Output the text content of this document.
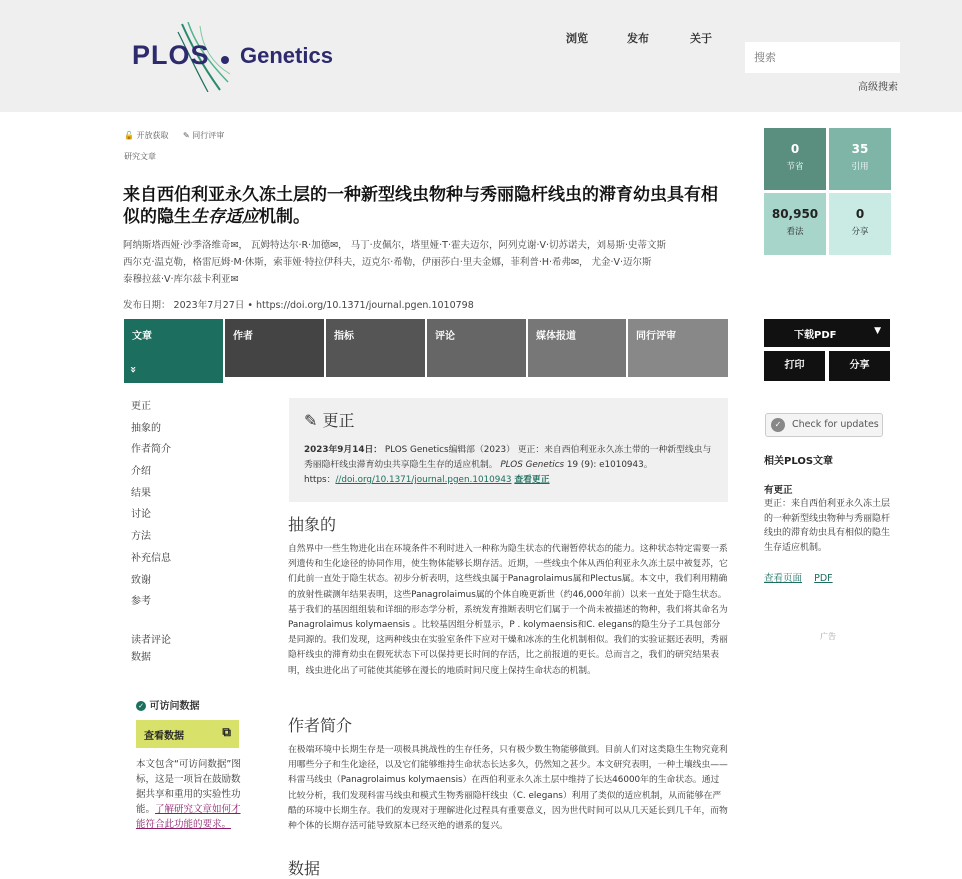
PLOS Genetics
浏览	发布	关于
搜索
高级搜索
🔓 开放获取 ✎ 同行评审
研究文章
来自西伯利亚永久冻土层的一种新型线虫物种与秀丽隐杆线虫的滞育幼虫具有相似的隐生生存适应机制。
阿纳斯塔西娅·沙季洛维奇✉， 瓦姆特达尔·R·加德✉， 马丁·皮佩尔，塔里娅·T·霍夫迈尔，阿列克谢·V·切苏诺夫，刘易斯·史蒂文斯
西尔克·温克勒，格雷厄姆·M·休斯，索菲娅·特拉伊科夫，迈克尔·希勒，伊丽莎白·里夫金娜，菲利普·H·希弗✉， 尤金·V·迈尔斯
泰穆拉兹·V·库尔兹卡利亚✉
发布日期： 2023年7月27日 • https://doi.org/10.1371/journal.pgen.1010798
文章
»
作者	指标	评论	媒体报道	同行评审
更正
抽象的
作者简介
介绍
结果
讨论
方法
补充信息
致谢
参考
读者评论
数据
✓ 可访问数据
查看数据	⧉
本文包含“可访问数据”图标，这是一项旨在鼓励数据共享和重用的实验性功能。了解研究文章如何才能符合此功能的要求。
✎ 更正
2023年9月14日： PLOS Genetics编辑部（2023） 更正：来自西伯利亚永久冻土带的一种新型线虫与秀丽隐杆线虫滞育幼虫共享隐生生存的适应机制。 PLOS Genetics 19 (9): e1010943。https：//doi.org/10.1371/journal.pgen.1010943 查看更正
抽象的
自然界中一些生物进化出在环境条件不利时进入一种称为隐生状态的代谢暂停状态的能力。这种状态特定需要一系列遗传和生化途径的协同作用，使生物体能够长期存活。近期，一些线虫个体从西伯利亚永久冻土层中被复苏，它们此前一直处于隐生状态。初步分析表明，这些线虫属于Panagrolaimus属和Plectus属。本文中，我们利用精确的放射性碳测年结果表明，这些Panagrolaimus属的个体自晚更新世（约46,000年前）以来一直处于隐生状态。基于我们的基因组组装和详细的形态学分析，系统发育推断表明它们属于一个尚未被描述的物种，我们将其命名为Panagrolaimus kolymaensis 。比较基因组分析显示，P . kolymaensis和C. elegans的隐生分子工具包部分是同源的。我们发现，这两种线虫在实验室条件下应对干燥和冰冻的生化机制相似。我们的实验证据还表明，秀丽隐杆线虫的滞育幼虫在假死状态下可以保持更长时间的存活，比之前报道的更长。总而言之，我们的研究结果表明，线虫进化出了可能使其能够在漫长的地质时间尺度上保持生命状态的机制。
作者简介
在极端环境中长期生存是一项极具挑战性的生存任务，只有极少数生物能够做到。目前人们对这类隐生生物究竟利用哪些分子和生化途径，以及它们能够维持生命状态长达多久，仍然知之甚少。本文研究表明，一种土壤线虫——科雷马线虫（Panagrolaimus kolymaensis）在西伯利亚永久冻土层中维持了长达46000年的生命状态。通过比较分析，我们发现科雷马线虫和模式生物秀丽隐杆线虫（C. elegans）利用了类似的适应机制，从而能够在严酷的环境中长期生存。我们的发现对于理解进化过程具有重要意义，因为世代时间可以从几天延长到几千年，而物种个体的长期存活可能导致原本已经灭绝的谱系的复兴。
数据
0
节省
35
引用
80,950
看法
0
分享
下载PDF	▼
打印	分享
✓	Check for updates
相关PLOS文章
有更正
更正：来自西伯利亚永久冻土层的一种新型线虫物种与秀丽隐杆线虫的滞育幼虫具有相似的隐生生存适应机制。
查看页面 PDF
广告
